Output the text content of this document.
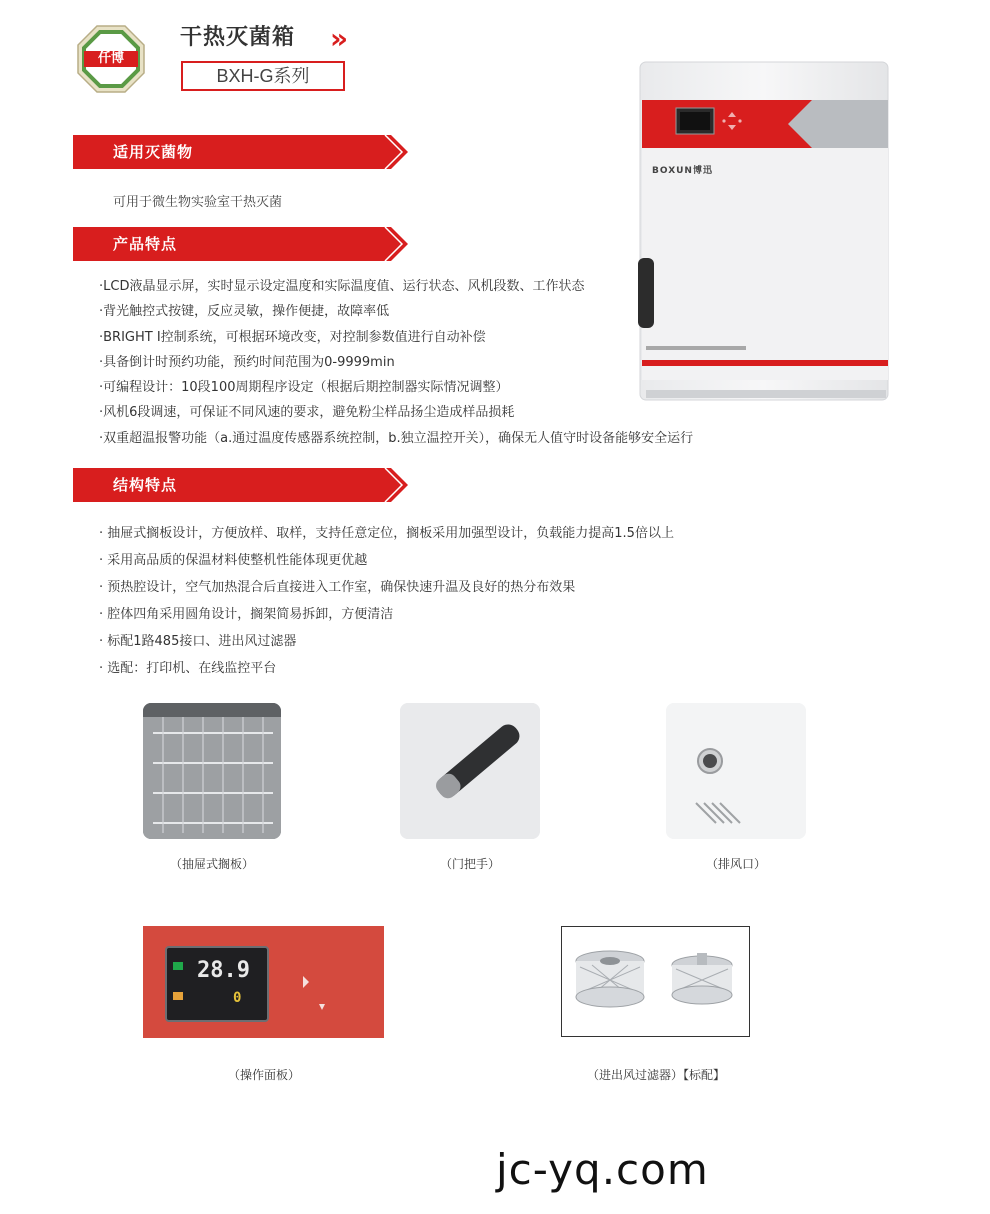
仟博
干热灭菌箱 »
BXH-G系列
适用灭菌物
可用于微生物实验室干热灭菌
产品特点
·LCD液晶显示屏，实时显示设定温度和实际温度值、运行状态、风机段数、工作状态
·背光触控式按键，反应灵敏，操作便捷，故障率低
·BRIGHT I控制系统，可根据环境改变，对控制参数值进行自动补偿
·具备倒计时预约功能，预约时间范围为0-9999min
·可编程设计：10段100周期程序设定（根据后期控制器实际情况调整）
·风机6段调速，可保证不同风速的要求，避免粉尘样品扬尘造成样品损耗
·双重超温报警功能（a.通过温度传感器系统控制，b.独立温控开关），确保无人值守时设备能够安全运行
BOXUN博迅
结构特点
· 抽屉式搁板设计，方便放样、取样，支持任意定位，搁板采用加强型设计，负载能力提高1.5倍以上
· 采用高品质的保温材料使整机性能体现更优越
· 预热腔设计，空气加热混合后直接进入工作室，确保快速升温及良好的热分布效果
· 腔体四角采用圆角设计，搁架简易拆卸，方便清洁
· 标配1路485接口、进出风过滤器
· 选配：打印机、在线监控平台
（抽屉式搁板）	（门把手）	（排风口）
28.9
0
（操作面板）	（进出风过滤器）【标配】
jc-yq.com
